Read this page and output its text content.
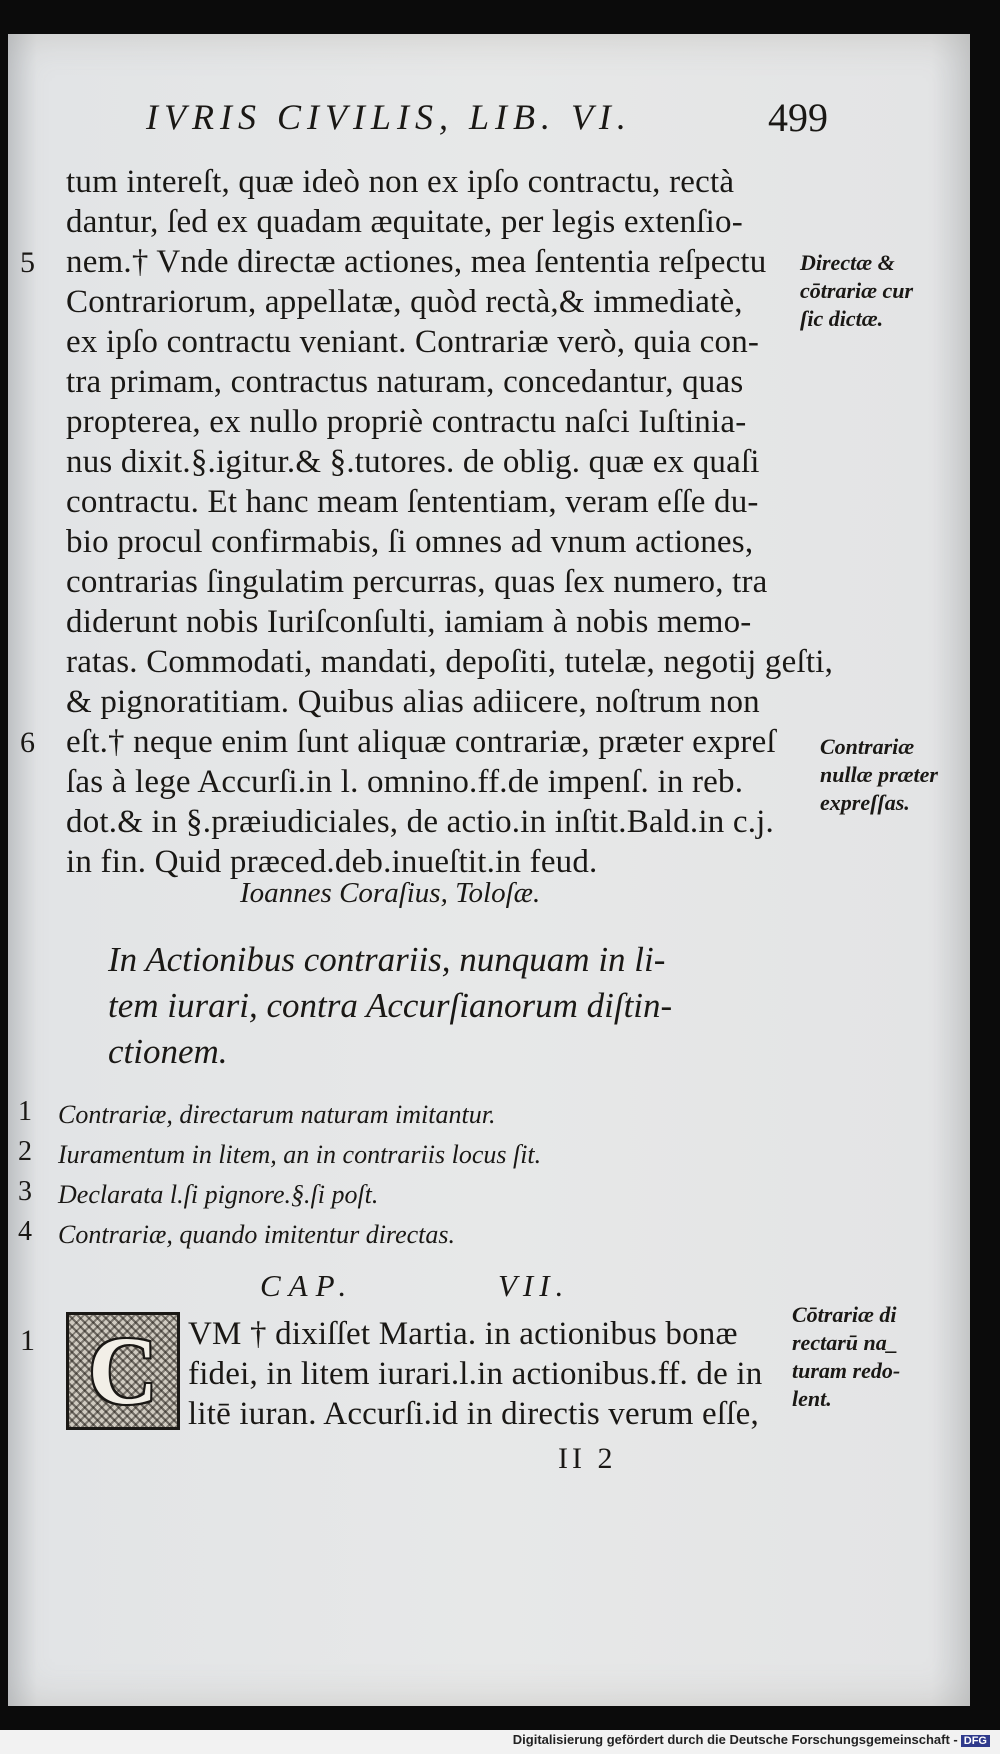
IVRIS CIVILIS, LIB. VI.	499
tum intereſt, quæ ideò non ex ipſo contractu, rectà
dantur, ſed ex quadam æquitate, per legis extenſio-
nem.† Vnde directæ actiones, mea ſententia reſpectu
Contrariorum, appellatæ, quòd rectà,& immediatè,
ex ipſo contractu veniant. Contrariæ verò, quia con-
tra primam, contractus naturam, concedantur, quas
propterea, ex nullo propriè contractu naſci Iuſtinia-
nus dixit.§.igitur.& §.tutores. de oblig. quæ ex quaſi
contractu. Et hanc meam ſententiam, veram eſſe du-
bio procul confirmabis, ſi omnes ad vnum actiones,
contrarias ſingulatim percurras, quas ſex numero, tra
diderunt nobis Iuriſconſulti, iamiam à nobis memo-
ratas. Commodati, mandati, depoſiti, tutelæ, negotij geſti,
& pignoratitiam. Quibus alias adiicere, noſtrum non
eſt.† neque enim ſunt aliquæ contrariæ, præter expreſ
ſas à lege Accurſi.in l. omnino.ff.de impenſ. in reb.
dot.& in §.præiudiciales, de actio.in inſtit.Bald.in c.j.
in fin. Quid præced.deb.inueſtit.in feud.
5
6
Directæ &
cōtrariæ cur
ſic dictæ.
Contrariæ
nullæ præter
expreſſas.
Cōtrariæ di
rectarū na_
turam redo-
lent.
Ioannes Coraſius, Toloſæ.
In Actionibus contrariis, nunquam in li-
tem iurari, contra Accurſianorum diſtin-
ctionem.
1 Contrariæ, directarum naturam imitantur.
2 Iuramentum in litem, an in contrariis locus ſit.
3 Declarata l.ſi pignore.§.ſi poſt.
4 Contrariæ, quando imitentur directas.
CAP.	VII.
1 C VM † dixiſſet Martia. in actionibus bonæ
fidei, in litem iurari.l.in actionibus.ff. de in
litē iuran. Accurſi.id in directis verum eſſe,
II 2
Digitalisierung gefördert durch die Deutsche Forschungsgemeinschaft - DFG
